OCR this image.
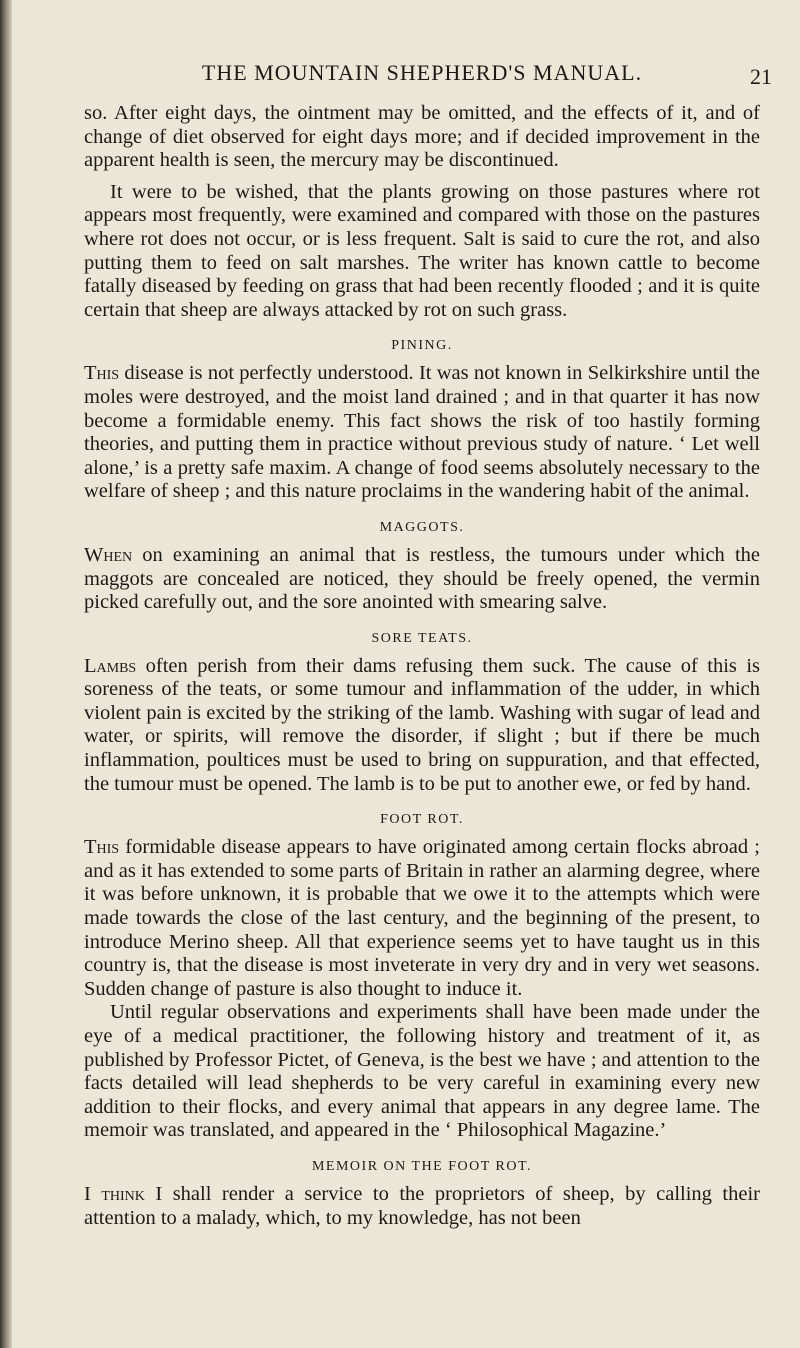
THE MOUNTAIN SHEPHERD'S MANUAL.	21

so. After eight days, the ointment may be omitted, and the effects of it, and of change of diet observed for eight days more; and if decided improvement in the apparent health is seen, the mercury may be discontinued.

It were to be wished, that the plants growing on those pastures where rot appears most frequently, were examined and compared with those on the pastures where rot does not occur, or is less frequent. Salt is said to cure the rot, and also putting them to feed on salt marshes. The writer has known cattle to become fatally diseased by feeding on grass that had been recently flooded ; and it is quite certain that sheep are always attacked by rot on such grass.

PINING.

This disease is not perfectly understood. It was not known in Selkirkshire until the moles were destroyed, and the moist land drained ; and in that quarter it has now become a formidable enemy. This fact shows the risk of too hastily forming theories, and putting them in practice without previous study of nature. ‘ Let well alone,’ is a pretty safe maxim. A change of food seems absolutely necessary to the welfare of sheep ; and this nature proclaims in the wandering habit of the animal.

MAGGOTS.

When on examining an animal that is restless, the tumours under which the maggots are concealed are noticed, they should be freely opened, the vermin picked carefully out, and the sore anointed with smearing salve.

SORE TEATS.

Lambs often perish from their dams refusing them suck. The cause of this is soreness of the teats, or some tumour and inflammation of the udder, in which violent pain is excited by the striking of the lamb. Washing with sugar of lead and water, or spirits, will remove the disorder, if slight ; but if there be much inflammation, poultices must be used to bring on suppuration, and that effected, the tumour must be opened. The lamb is to be put to another ewe, or fed by hand.

FOOT ROT.

This formidable disease appears to have originated among certain flocks abroad ; and as it has extended to some parts of Britain in rather an alarming degree, where it was before unknown, it is probable that we owe it to the attempts which were made towards the close of the last century, and the beginning of the present, to introduce Merino sheep. All that experience seems yet to have taught us in this country is, that the disease is most inveterate in very dry and in very wet seasons. Sudden change of pasture is also thought to induce it.

Until regular observations and experiments shall have been made under the eye of a medical practitioner, the following history and treatment of it, as published by Professor Pictet, of Geneva, is the best we have ; and attention to the facts detailed will lead shepherds to be very careful in examining every new addition to their flocks, and every animal that appears in any degree lame. The memoir was translated, and appeared in the ‘ Philosophical Magazine.’

MEMOIR ON THE FOOT ROT.

I think I shall render a service to the proprietors of sheep, by calling their attention to a malady, which, to my knowledge, has not been
